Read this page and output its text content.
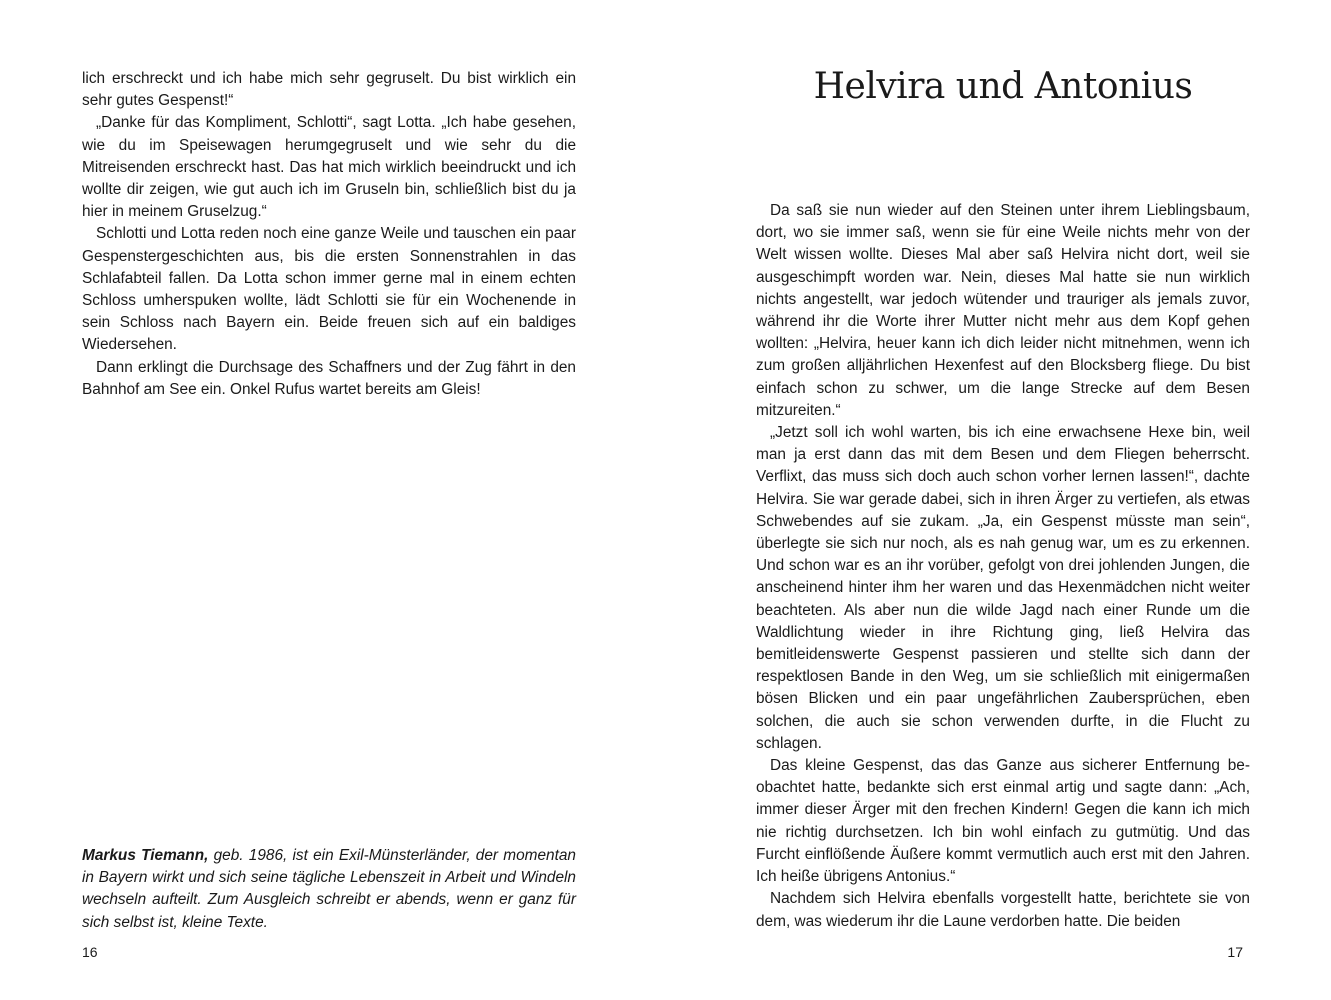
lich erschreckt und ich habe mich sehr gegruselt. Du bist wirklich ein sehr gutes Gespenst!“

„Danke für das Kompliment, Schlotti“, sagt Lotta. „Ich habe gesehen, wie du im Speisewagen herumgegruselt und wie sehr du die Mitreisenden erschreckt hast. Das hat mich wirklich beeindruckt und ich wollte dir zeigen, wie gut auch ich im Gruseln bin, schließlich bist du ja hier in meinem Gruselzug.“

Schlotti und Lotta reden noch eine ganze Weile und tauschen ein paar Gespenstergeschichten aus, bis die ersten Sonnenstrahlen in das Schlafabteil fallen. Da Lotta schon immer gerne mal in einem echten Schloss umherspuken wollte, lädt Schlotti sie für ein Wochenende in sein Schloss nach Bayern ein. Beide freuen sich auf ein baldiges Wiedersehen.

Dann erklingt die Durchsage des Schaffners und der Zug fährt in den Bahnhof am See ein. Onkel Rufus wartet bereits am Gleis!

Markus Tiemann, geb. 1986, ist ein Exil-Münsterländer, der momentan in Bayern wirkt und sich seine tägliche Lebenszeit in Arbeit und Windeln wechseln aufteilt. Zum Ausgleich schreibt er abends, wenn er ganz für sich selbst ist, kleine Texte.

16
Helvira und Antonius

Da saß sie nun wieder auf den Steinen unter ihrem Lieblingsbaum, dort, wo sie immer saß, wenn sie für eine Weile nichts mehr von der Welt wissen wollte. Dieses Mal aber saß Helvira nicht dort, weil sie ausgeschimpft worden war. Nein, dieses Mal hatte sie nun wirklich nichts angestellt, war jedoch wütender und trauriger als jemals zuvor, während ihr die Worte ihrer Mutter nicht mehr aus dem Kopf gehen wollten: „Helvira, heuer kann ich dich leider nicht mitnehmen, wenn ich zum großen alljährlichen Hexenfest auf den Blocksberg fliege. Du bist einfach schon zu schwer, um die lange Strecke auf dem Besen mitzureiten.“

„Jetzt soll ich wohl warten, bis ich eine erwachsene Hexe bin, weil man ja erst dann das mit dem Besen und dem Fliegen beherrscht. Verflixt, das muss sich doch auch schon vorher lernen lassen!“, dachte Helvira. Sie war gerade dabei, sich in ihren Ärger zu vertiefen, als etwas Schwebendes auf sie zukam. „Ja, ein Gespenst müsste man sein“, überlegte sie sich nur noch, als es nah genug war, um es zu erkennen. Und schon war es an ihr vorüber, gefolgt von drei johlenden Jungen, die anscheinend hinter ihm her waren und das Hexenmädchen nicht weiter beachteten. Als aber nun die wilde Jagd nach einer Runde um die Waldlichtung wieder in ihre Richtung ging, ließ Helvira das bemitleidenswerte Gespenst passieren und stellte sich dann der respektlosen Bande in den Weg, um sie schließlich mit einigermaßen bösen Blicken und ein paar ungefährlichen Zaubersprüchen, eben solchen, die auch sie schon verwenden durfte, in die Flucht zu schlagen.

Das kleine Gespenst, das das Ganze aus sicherer Entfernung beobachtet hatte, bedankte sich erst einmal artig und sagte dann: „Ach, immer dieser Ärger mit den frechen Kindern! Gegen die kann ich mich nie richtig durchsetzen. Ich bin wohl einfach zu gutmütig. Und das Furcht einflößende Äußere kommt vermutlich auch erst mit den Jahren. Ich heiße übrigens Antonius.“

Nachdem sich Helvira ebenfalls vorgestellt hatte, berichtete sie von dem, was wiederum ihr die Laune verdorben hatte. Die beiden

17
